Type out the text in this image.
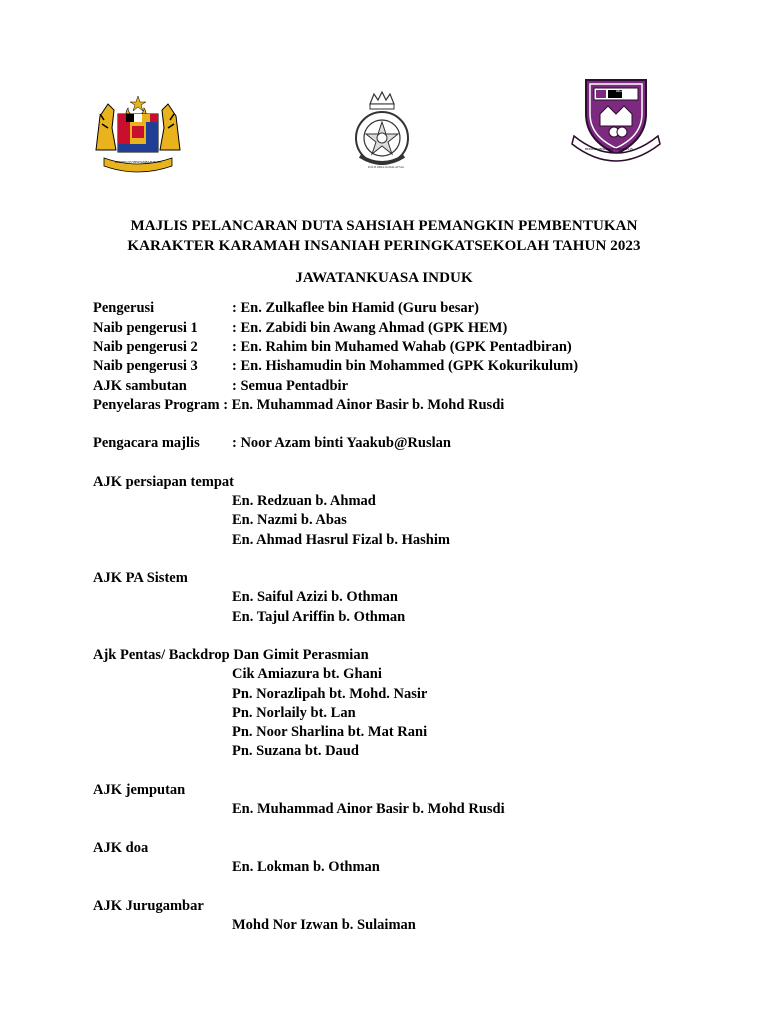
BERSEKUTU BERTAMBAH MUTU
POLIS DIRAJA MALAYSIA
ILMU
BERILMU BERAMAL BERDISIPLIN
MAJLIS PELANCARAN DUTA SAHSIAH PEMANGKIN PEMBENTUKAN
KARAKTER KARAMAH INSANIAH PERINGKATSEKOLAH TAHUN 2023
JAWATANKUASA INDUK
Pengerusi	: En. Zulkaflee bin Hamid (Guru besar)
Naib pengerusi 1 : En. Zabidi bin Awang Ahmad (GPK HEM)
Naib pengerusi 2 : En. Rahim bin Muhamed Wahab (GPK Pentadbiran)
Naib pengerusi 3 : En. Hishamudin bin Mohammed (GPK Kokurikulum)
AJK sambutan	: Semua Pentadbir
Penyelaras Program : En. Muhammad Ainor Basir b. Mohd Rusdi
Pengacara majlis : Noor Azam binti Yaakub@Ruslan
AJK persiapan tempat
En. Redzuan b. Ahmad
En. Nazmi b. Abas
En. Ahmad Hasrul Fizal b. Hashim
AJK PA Sistem
En. Saiful Azizi b. Othman
En. Tajul Ariffin b. Othman
Ajk Pentas/ Backdrop Dan Gimit Perasmian
Cik Amiazura bt. Ghani
Pn. Norazlipah bt. Mohd. Nasir
Pn. Norlaily bt. Lan
Pn. Noor Sharlina bt. Mat Rani
Pn. Suzana bt. Daud
AJK jemputan
En. Muhammad Ainor Basir b. Mohd Rusdi
AJK doa
En. Lokman b. Othman
AJK Jurugambar
Mohd Nor Izwan b. Sulaiman
